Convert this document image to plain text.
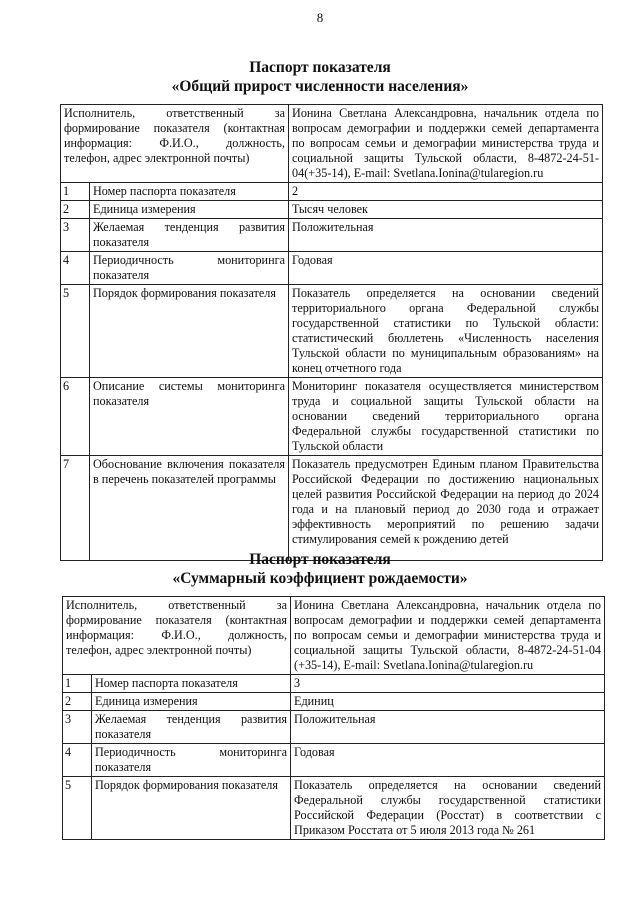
8
Паспорт показателя
«Общий прирост численности населения»
Исполнитель, ответственный за формирование показателя (контактная информация: Ф.И.О., должность, телефон, адрес электронной почты)		Ионина Светлана Александровна, начальник отдела по вопросам демографии и поддержки семей департамента по вопросам семьи и демографии министерства труда и социальной защиты Тульской области, 8-4872-24-51-04(+35-14), E-mail: Svetlana.Ionina@tularegion.ru
1	Номер паспорта показателя	2
2	Единица измерения	Тысяч человек
3	Желаемая тенденция развития показателя	Положительная
4	Периодичность мониторинга показателя	Годовая
5	Порядок формирования показателя	Показатель определяется на основании сведений территориального органа Федеральной службы государственной статистики по Тульской области: статистический бюллетень «Численность населения Тульской области по муниципальным образованиям» на конец отчетного года
6	Описание системы мониторинга показателя	Мониторинг показателя осуществляется министерством труда и социальной защиты Тульской области на основании сведений территориального органа Федеральной службы государственной статистики по Тульской области
7	Обоснование включения показателя в перечень показателей программы	Показатель предусмотрен Единым планом Правительства Российской Федерации по достижению национальных целей развития Российской Федерации на период до 2024 года и на плановый период до 2030 года и отражает эффективность мероприятий по решению задачи стимулирования семей к рождению детей
Паспорт показателя
«Суммарный коэффициент рождаемости»
Исполнитель, ответственный за формирование показателя (контактная информация: Ф.И.О., должность, телефон, адрес электронной почты)		Ионина Светлана Александровна, начальник отдела по вопросам демографии и поддержки семей департамента по вопросам семьи и демографии министерства труда и социальной защиты Тульской области, 8-4872-24-51-04 (+35-14), E-mail: Svetlana.Ionina@tularegion.ru
1	Номер паспорта показателя	3
2	Единица измерения	Единиц
3	Желаемая тенденция развития показателя	Положительная
4	Периодичность мониторинга показателя	Годовая
5	Порядок формирования показателя	Показатель определяется на основании сведений Федеральной службы государственной статистики Российской Федерации (Росстат) в соответствии с Приказом Росстата от 5 июля 2013 года № 261
